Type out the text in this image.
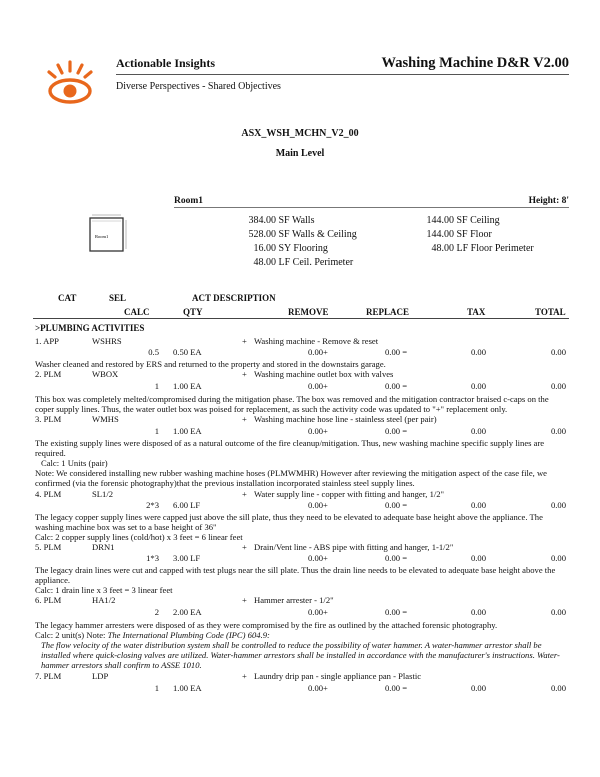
Actionable Insights	Washing Machine D&R V2.00
Diverse Perspectives - Shared Objectives
ASX_WSH_MCHN_V2_00
Main Level
Room1	Height: 8'
Room1
384.00 SF Walls
528.00 SF Walls & Ceiling
16.00 SY Flooring
48.00 LF Ceil. Perimeter
144.00 SF Ceiling
144.00 SF Floor
48.00 LF Floor Perimeter
CAT	SEL	ACT DESCRIPTION
CALC	QTY	REMOVE	REPLACE	TAX	TOTAL
>PLUMBING ACTIVITIES
1. APP	WSHRS	+ Washing machine - Remove & reset
0.5 0.50 EA	0.00+	0.00 =	0.00	0.00
Washer cleaned and restored by ERS and returned to the property and stored in the downstairs garage.
2. PLM	WBOX	+ Washing machine outlet box with valves
1 1.00 EA	0.00+	0.00 =	0.00	0.00
This box was completely melted/compromised during the mitigation phase. The box was removed and the mitigation contractor braised c-caps on the coper supply lines. Thus, the water outlet box was poised for replacement, as such the activity code was updated to "+" replacement only.
3. PLM	WMHS	+ Washing machine hose line - stainless steel (per pair)
1 1.00 EA	0.00+	0.00 =	0.00	0.00
The existing supply lines were disposed of as a natural outcome of the fire cleanup/mitigation. Thus, new washing machine specific supply lines are required.
Calc: 1 Units (pair)
Note: We considered installing new rubber washing machine hoses (PLMWMHR) However after reviewing the mitigation aspect of the case file, we confirmed (via the forensic photography)that the previous installation incorporated stainless steel supply lines.
4. PLM	SL1/2	+ Water supply line - copper with fitting and hanger, 1/2"
2*3 6.00 LF	0.00+	0.00 =	0.00	0.00
The legacy copper supply lines were capped just above the sill plate, thus they need to be elevated to adequate base height above the appliance. The washing machine box was set to a base height of 36"
Calc: 2 copper supply lines (cold/hot) x 3 feet = 6 linear feet
5. PLM	DRN1	+ Drain/Vent line - ABS pipe with fitting and hanger, 1-1/2"
1*3 3.00 LF	0.00+	0.00 =	0.00	0.00
The legacy drain lines were cut and capped with test plugs near the sill plate. Thus the drain line needs to be elevated to adequate base height above the appliance.
Calc: 1 drain line x 3 feet = 3 linear feet
6. PLM	HA1/2	+ Hammer arrester - 1/2"
2 2.00 EA	0.00+	0.00 =	0.00	0.00
The legacy hammer arresters were disposed of as they were compromised by the fire as outlined by the attached forensic photography.
Calc: 2 unit(s) Note: The International Plumbing Code (IPC) 604.9:
The flow velocity of the water distribution system shall be controlled to reduce the possibility of water hammer. A water-hammer arrestor shall be installed where quick-closing valves are utilized. Water-hammer arrestors shall be installed in accordance with the manufacturer's instructions. Water-hammer arrestors shall confirm to ASSE 1010.
7. PLM	LDP	+ Laundry drip pan - single appliance pan - Plastic
1 1.00 EA	0.00+	0.00 =	0.00	0.00
